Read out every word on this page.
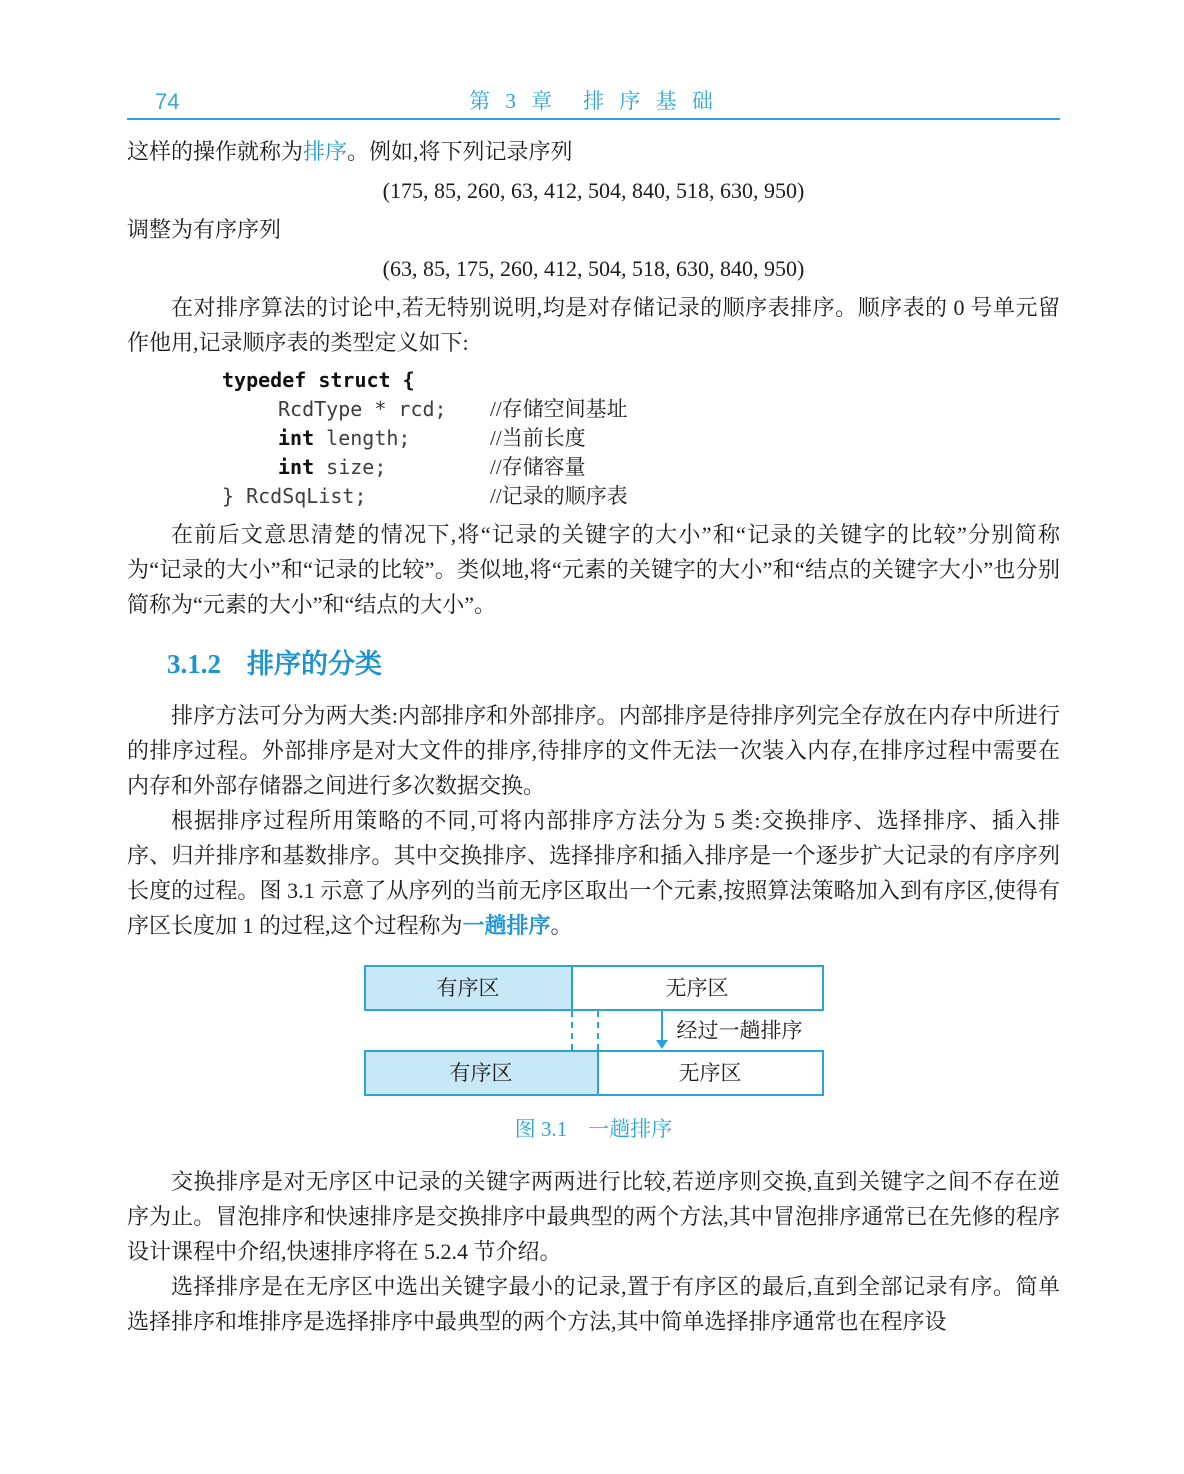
74	第 3 章　排 序 基 础

这样的操作就称为排序。例如,将下列记录序列

(175, 85, 260, 63, 412, 504, 840, 518, 630, 950)

调整为有序序列

(63, 85, 175, 260, 412, 504, 518, 630, 840, 950)

在对排序算法的讨论中,若无特别说明,均是对存储记录的顺序表排序。顺序表的 0 号单元留作他用,记录顺序表的类型定义如下:

typedef struct {
RcdType * rcd; //存储空间基址
int length;	//当前长度
int size;	//存储容量
} RcdSqList;	//记录的顺序表

在前后文意思清楚的情况下,将“记录的关键字的大小”和“记录的关键字的比较”分别简称为“记录的大小”和“记录的比较”。类似地,将“元素的关键字的大小”和“结点的关键字大小”也分别简称为“元素的大小”和“结点的大小”。

3.1.2 排序的分类

排序方法可分为两大类:内部排序和外部排序。内部排序是待排序列完全存放在内存中所进行的排序过程。外部排序是对大文件的排序,待排序的文件无法一次装入内存,在排序过程中需要在内存和外部存储器之间进行多次数据交换。

根据排序过程所用策略的不同,可将内部排序方法分为 5 类:交换排序、选择排序、插入排序、归并排序和基数排序。其中交换排序、选择排序和插入排序是一个逐步扩大记录的有序序列长度的过程。图 3.1 示意了从序列的当前无序区取出一个元素,按照算法策略加入到有序区,使得有序区长度加 1 的过程,这个过程称为一趟排序。

有序区	无序区
经过一趟排序
有序区	无序区
图 3.1　一趟排序

交换排序是对无序区中记录的关键字两两进行比较,若逆序则交换,直到关键字之间不存在逆序为止。冒泡排序和快速排序是交换排序中最典型的两个方法,其中冒泡排序通常已在先修的程序设计课程中介绍,快速排序将在 5.2.4 节介绍。

选择排序是在无序区中选出关键字最小的记录,置于有序区的最后,直到全部记录有序。简单选择排序和堆排序是选择排序中最典型的两个方法,其中简单选择排序通常也在程序设
